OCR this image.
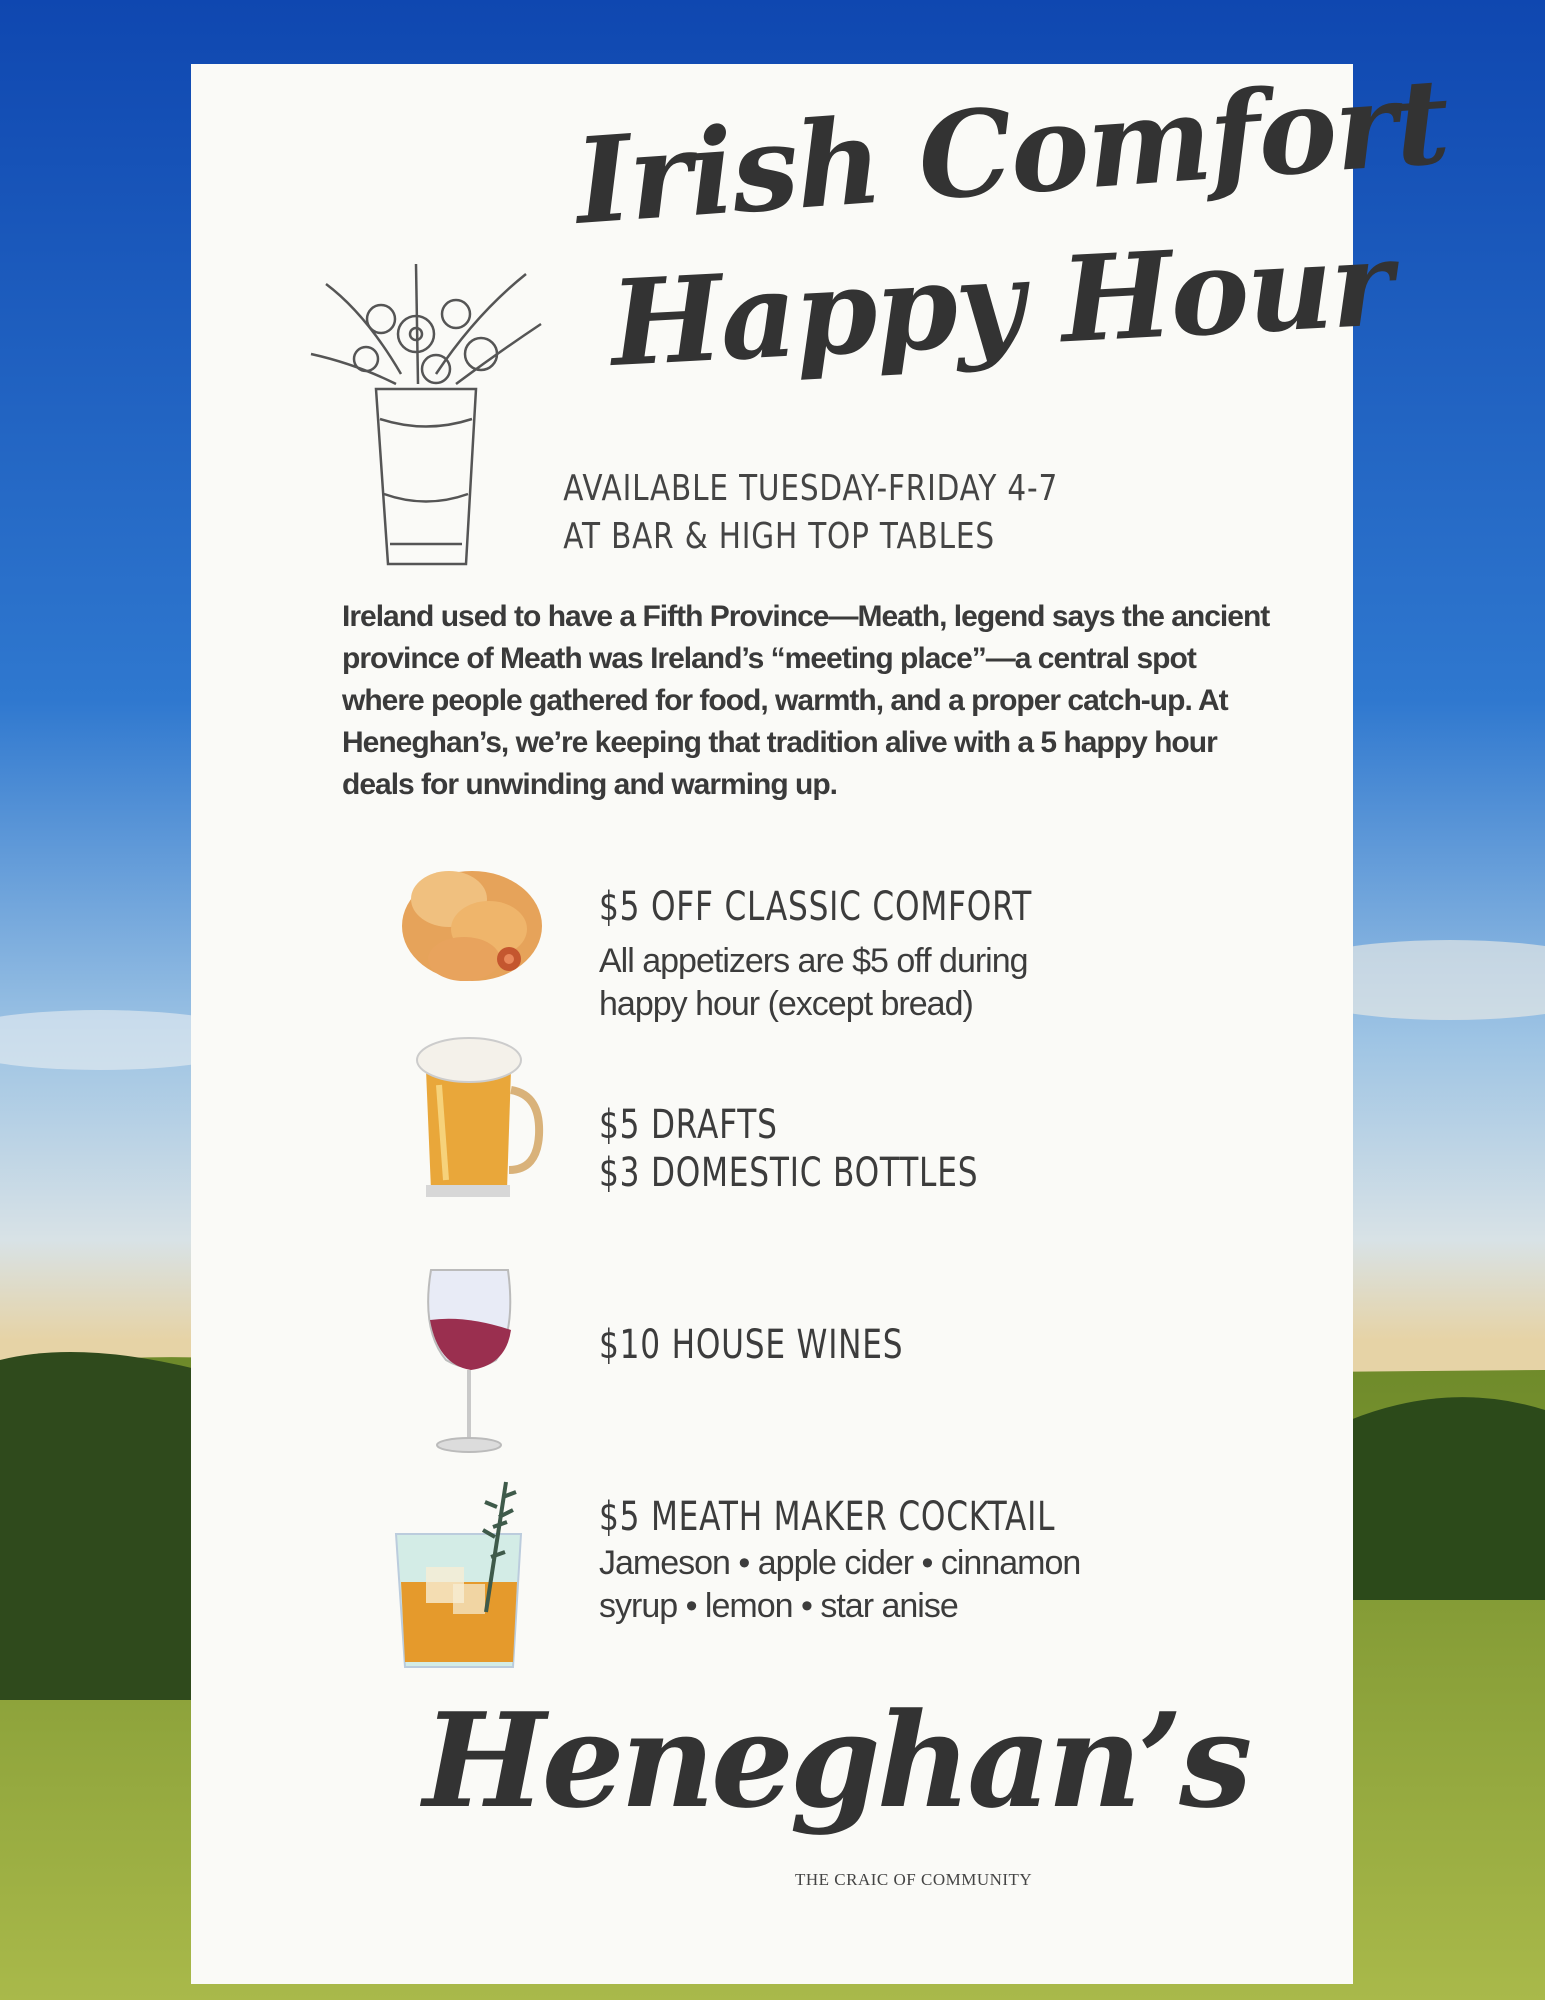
Irish Comfort
Happy Hour
AVAILABLE TUESDAY-FRIDAY 4-7
AT BAR & HIGH TOP TABLES
Ireland used to have a Fifth Province—Meath, legend says the ancient province of Meath was Ireland’s “meeting place”—a central spot where people gathered for food, warmth, and a proper catch-up. At Heneghan’s, we’re keeping that tradition alive with a 5 happy hour deals for unwinding and warming up.
$5 OFF CLASSIC COMFORT
All appetizers are $5 off during
happy hour (except bread)
$5 DRAFTS
$3 DOMESTIC BOTTLES
$10 HOUSE WINES
$5 MEATH MAKER COCKTAIL
Jameson • apple cider • cinnamon
syrup • lemon • star anise
Heneghan’s
THE CRAIC OF COMMUNITY
